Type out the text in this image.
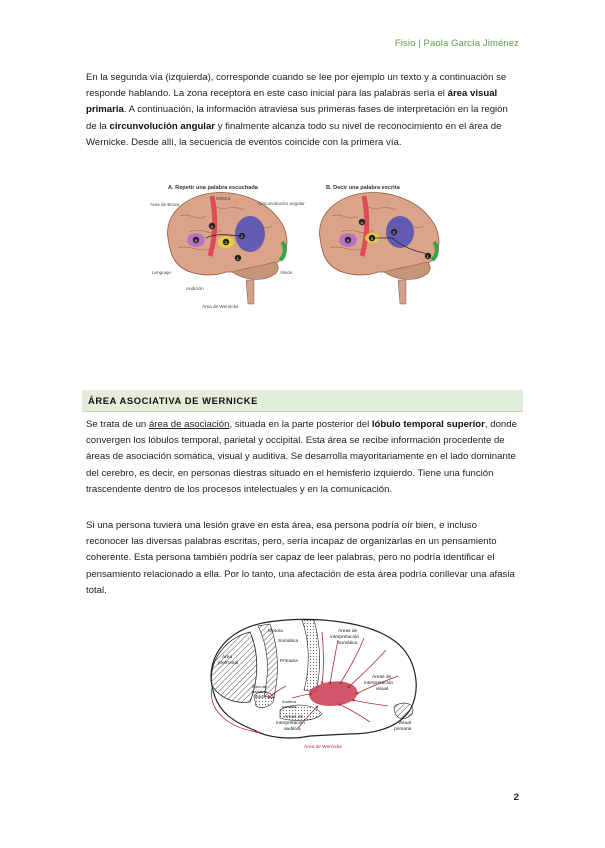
Fisio | Paola García Jiménez

En la segunda vía (izquierda), corresponde cuando se lee por ejemplo un texto y a continuación se responde hablando. La zona receptora en este caso inicial para las palabras sería el área visual primaria. A continuación, la información atraviesa sus primeras fases de interpretación en la región de la circunvolución angular y finalmente alcanza todo su nivel de reconocimiento en el área de Wernicke. Desde allí, la secuencia de eventos coincide con la primera vía.

A. Repetir una palabra escuchada
5
4
3
2
1
Área de Broca
Motora
Circunvolución angular
Lenguaje
Audición
Área de Wernicke
Visión
B. Decir una palabra escrita
5
4
3
2
1
ÁREA ASOCIATIVA DE WERNICKE

Se trata de un área de asociación, situada en la parte posterior del lóbulo temporal superior, donde convergen los lóbulos temporal, parietal y occipital. Esta área se recibe información procedente de áreas de asociación somática, visual y auditiva. Se desarrolla mayoritariamente en el lado dominante del cerebro, es decir, en personas diestras situado en el hemisferio izquierdo. Tiene una función trascendente dentro de los procesos intelectuales y en la comunicación.

Si una persona tuviera una lesión grave en esta área, esa persona podría oír bien, e incluso reconocer las diversas palabras escritas, pero, sería incapaz de organizarlas en un pensamiento coherente. Esta persona también podría ser capaz de leer palabras, pero no podría identificar el pensamiento relacionado a ella. Por lo tanto, una afectación de esta área podría conllevar una afasia total.

Motora
Somática
Primaria
Área
prefrontal
Área del
habla de
Broca
Auditiva
primaria
Áreas de
interpretación
somática
Áreas de
interpretación
visual
Áreas de
interpretación
auditiva
Visual
primaria
Área de Wernicke
2
